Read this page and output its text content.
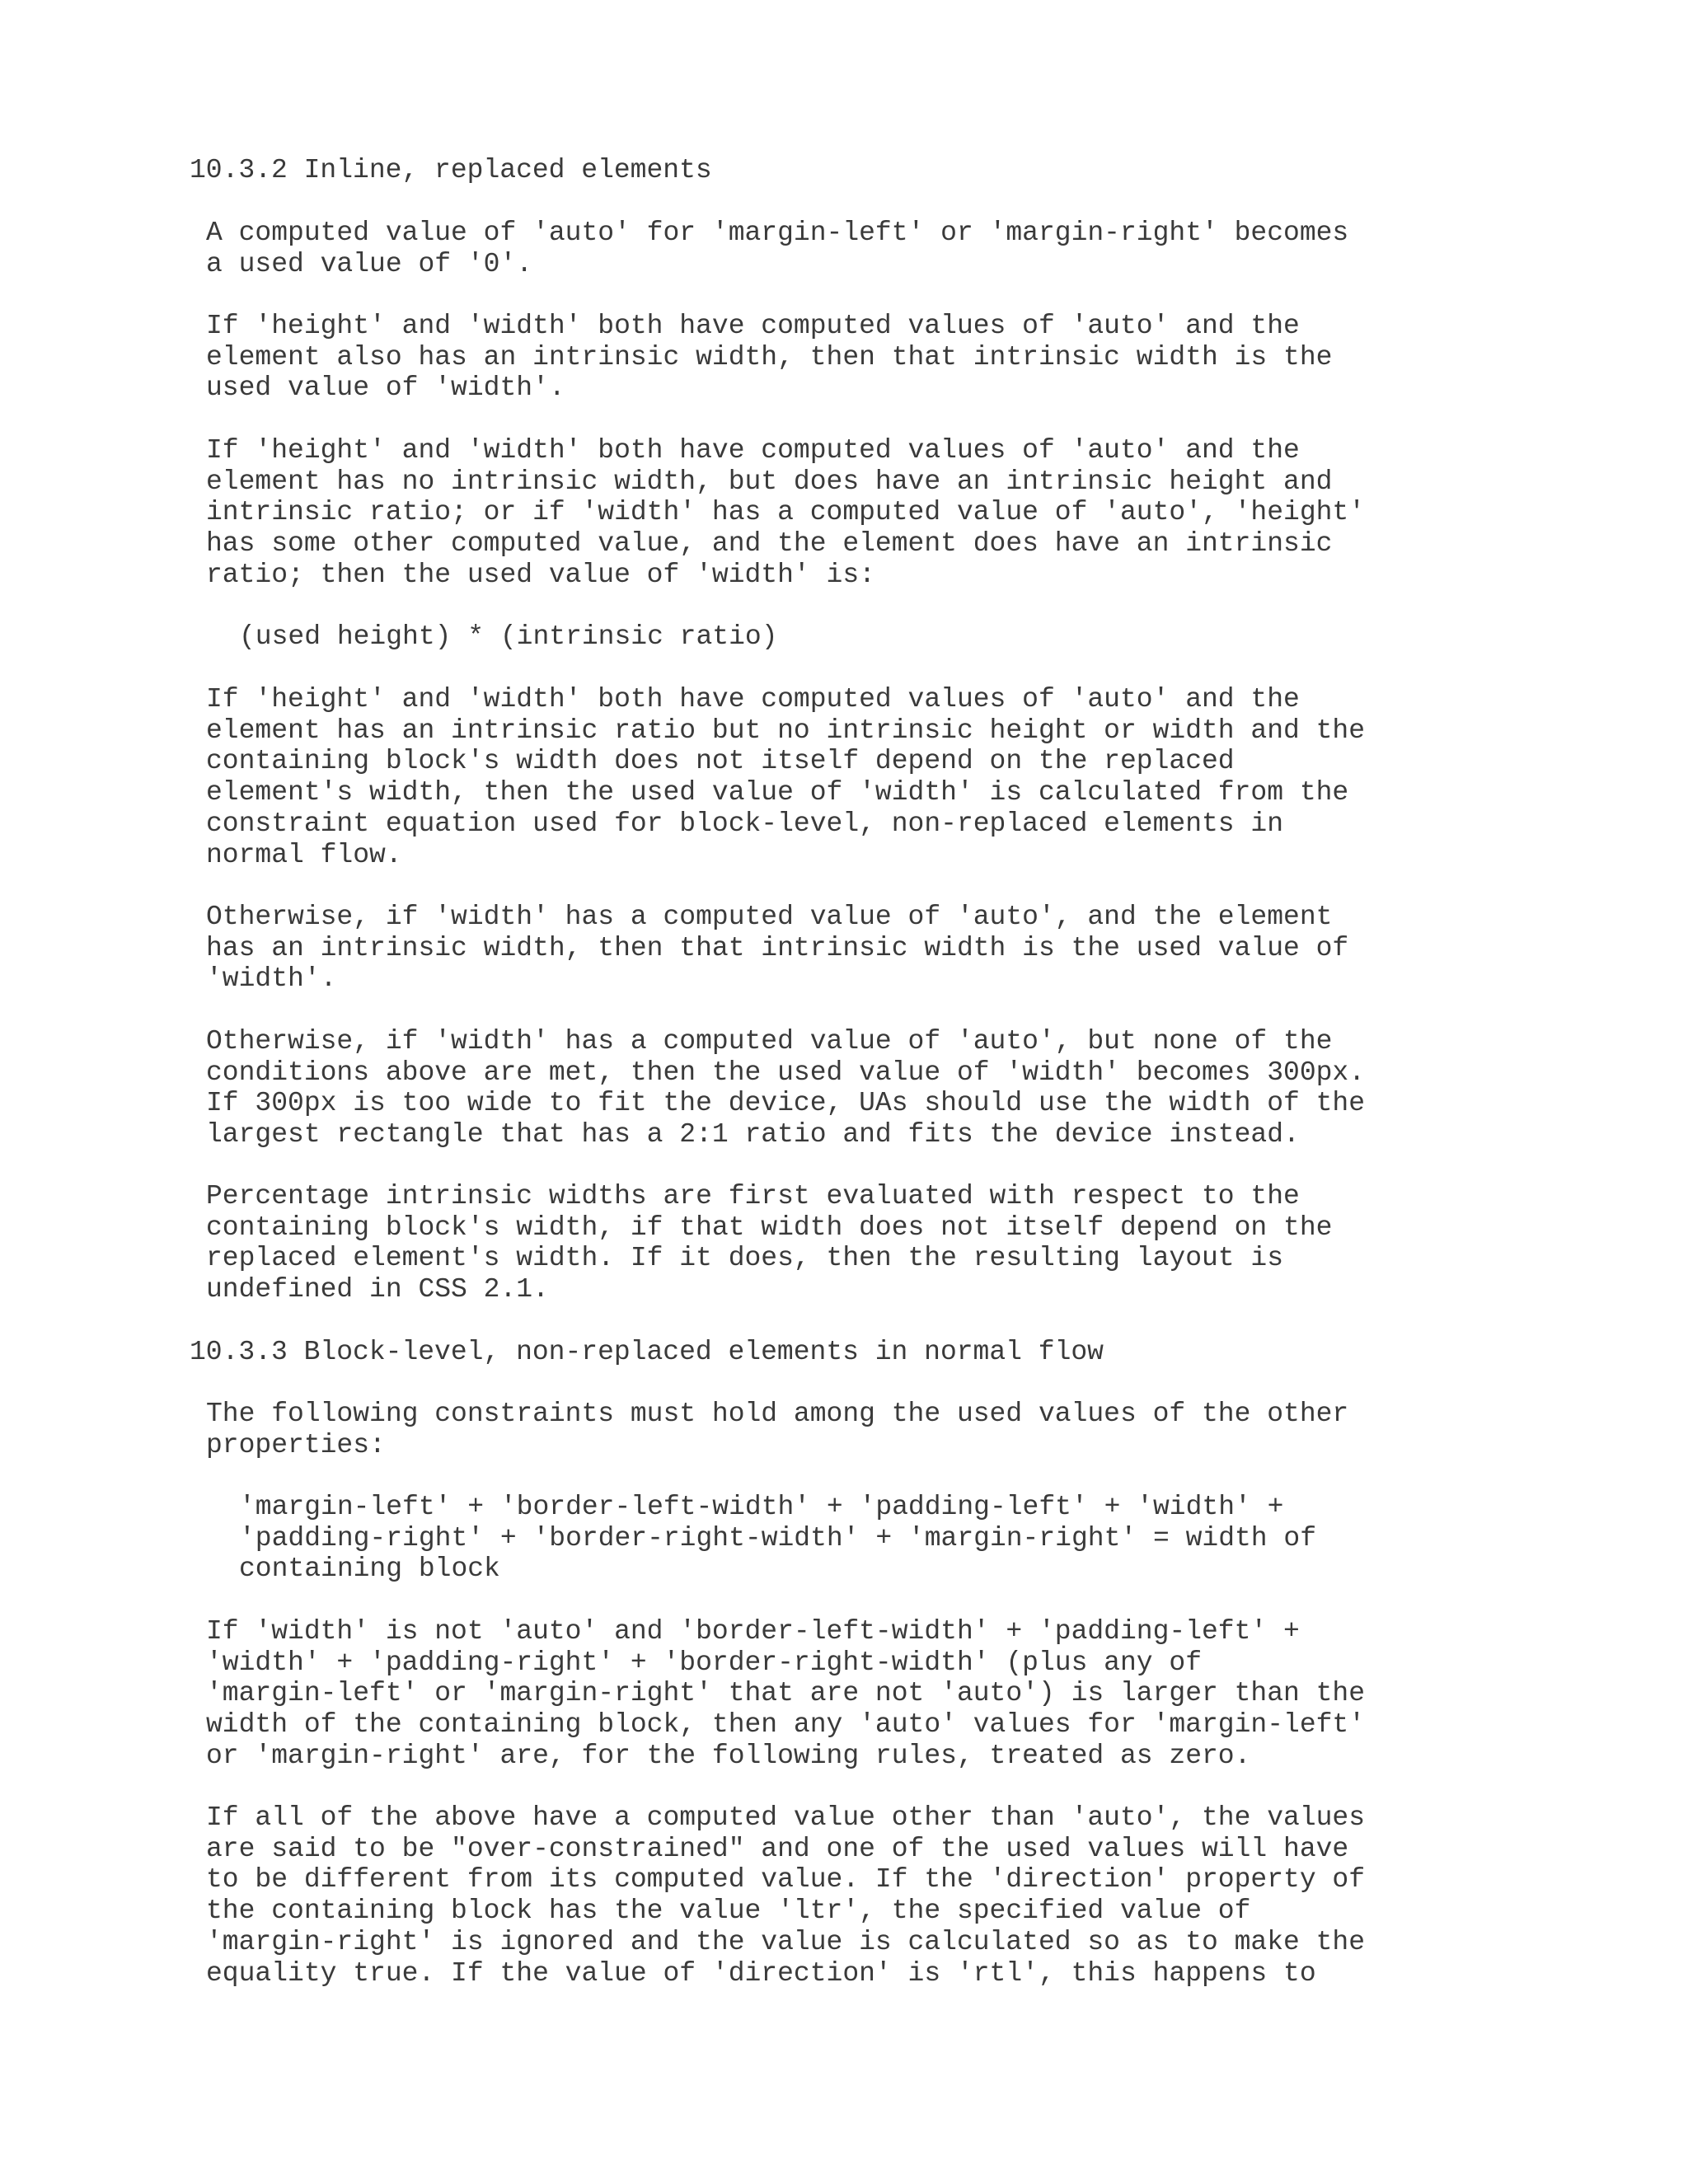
10.3.2 Inline, replaced elements
A computed value of 'auto' for 'margin-left' or 'margin-right' becomes
a used value of '0'.
If 'height' and 'width' both have computed values of 'auto' and the
element also has an intrinsic width, then that intrinsic width is the
used value of 'width'.
If 'height' and 'width' both have computed values of 'auto' and the
element has no intrinsic width, but does have an intrinsic height and
intrinsic ratio; or if 'width' has a computed value of 'auto', 'height'
has some other computed value, and the element does have an intrinsic
ratio; then the used value of 'width' is:
(used height) * (intrinsic ratio)
If 'height' and 'width' both have computed values of 'auto' and the
element has an intrinsic ratio but no intrinsic height or width and the
containing block's width does not itself depend on the replaced
element's width, then the used value of 'width' is calculated from the
constraint equation used for block-level, non-replaced elements in
normal flow.
Otherwise, if 'width' has a computed value of 'auto', and the element
has an intrinsic width, then that intrinsic width is the used value of
'width'.
Otherwise, if 'width' has a computed value of 'auto', but none of the
conditions above are met, then the used value of 'width' becomes 300px.
If 300px is too wide to fit the device, UAs should use the width of the
largest rectangle that has a 2:1 ratio and fits the device instead.
Percentage intrinsic widths are first evaluated with respect to the
containing block's width, if that width does not itself depend on the
replaced element's width. If it does, then the resulting layout is
undefined in CSS 2.1.
10.3.3 Block-level, non-replaced elements in normal flow
The following constraints must hold among the used values of the other
properties:
'margin-left' + 'border-left-width' + 'padding-left' + 'width' +
'padding-right' + 'border-right-width' + 'margin-right' = width of
containing block
If 'width' is not 'auto' and 'border-left-width' + 'padding-left' +
'width' + 'padding-right' + 'border-right-width' (plus any of
'margin-left' or 'margin-right' that are not 'auto') is larger than the
width of the containing block, then any 'auto' values for 'margin-left'
or 'margin-right' are, for the following rules, treated as zero.
If all of the above have a computed value other than 'auto', the values
are said to be "over-constrained" and one of the used values will have
to be different from its computed value. If the 'direction' property of
the containing block has the value 'ltr', the specified value of
'margin-right' is ignored and the value is calculated so as to make the
equality true. If the value of 'direction' is 'rtl', this happens to
